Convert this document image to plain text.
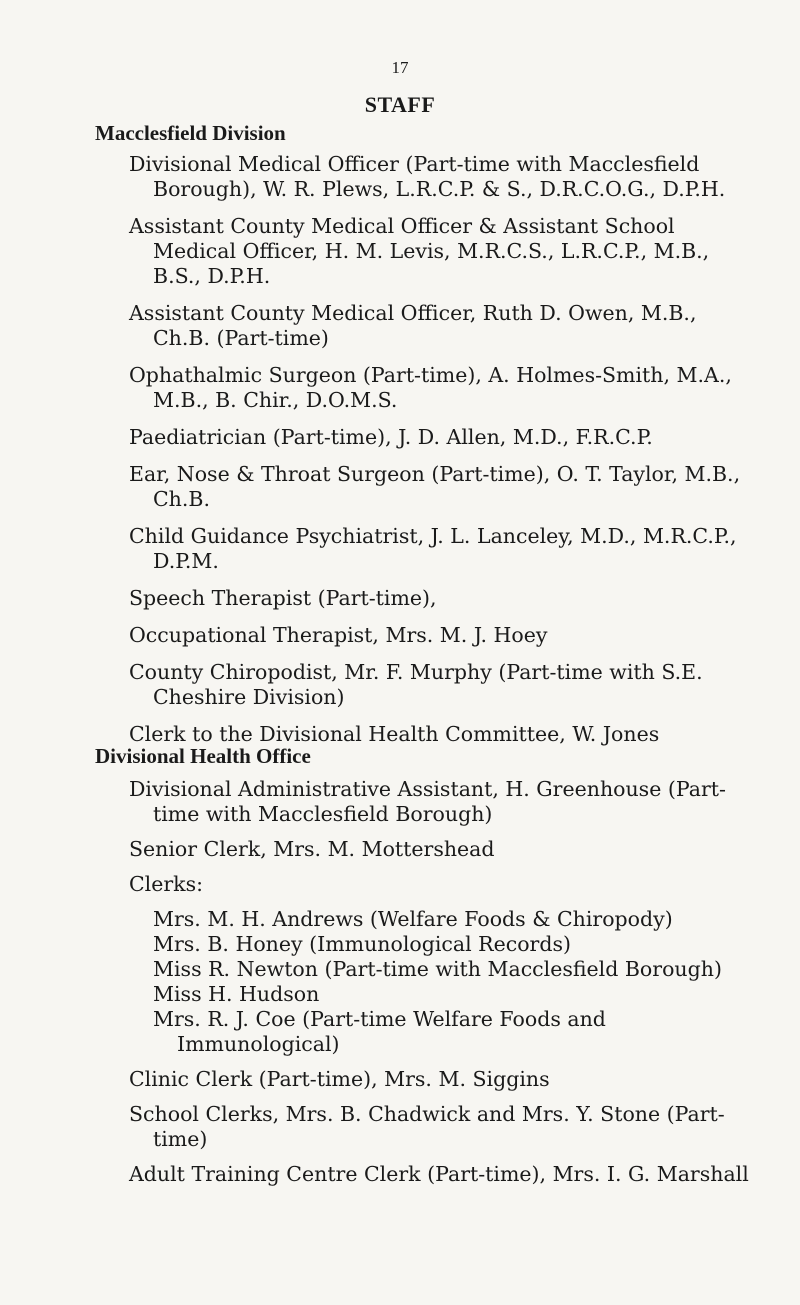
17
STAFF
Macclesfield Division
Divisional Medical Officer (Part-time with Macclesfield Borough), W. R. Plews, L.R.C.P. & S., D.R.C.O.G., D.P.H.
Assistant County Medical Officer & Assistant School Medical Officer, H. M. Levis, M.R.C.S., L.R.C.P., M.B., B.S., D.P.H.
Assistant County Medical Officer, Ruth D. Owen, M.B., Ch.B. (Part-time)
Ophathalmic Surgeon (Part-time), A. Holmes-Smith, M.A., M.B., B. Chir., D.O.M.S.
Paediatrician (Part-time), J. D. Allen, M.D., F.R.C.P.
Ear, Nose & Throat Surgeon (Part-time), O. T. Taylor, M.B., Ch.B.
Child Guidance Psychiatrist, J. L. Lanceley, M.D., M.R.C.P., D.P.M.
Speech Therapist (Part-time),
Occupational Therapist, Mrs. M. J. Hoey
County Chiropodist, Mr. F. Murphy (Part-time with S.E. Cheshire Division)
Clerk to the Divisional Health Committee, W. Jones
Divisional Health Office
Divisional Administrative Assistant, H. Greenhouse (Part-time with Macclesfield Borough)
Senior Clerk, Mrs. M. Mottershead
Clerks:
Mrs. M. H. Andrews (Welfare Foods & Chiropody)
Mrs. B. Honey (Immunological Records)
Miss R. Newton (Part-time with Macclesfield Borough)
Miss H. Hudson
Mrs. R. J. Coe (Part-time Welfare Foods and Immunological)
Clinic Clerk (Part-time), Mrs. M. Siggins
School Clerks, Mrs. B. Chadwick and Mrs. Y. Stone (Part-time)
Adult Training Centre Clerk (Part-time), Mrs. I. G. Marshall
